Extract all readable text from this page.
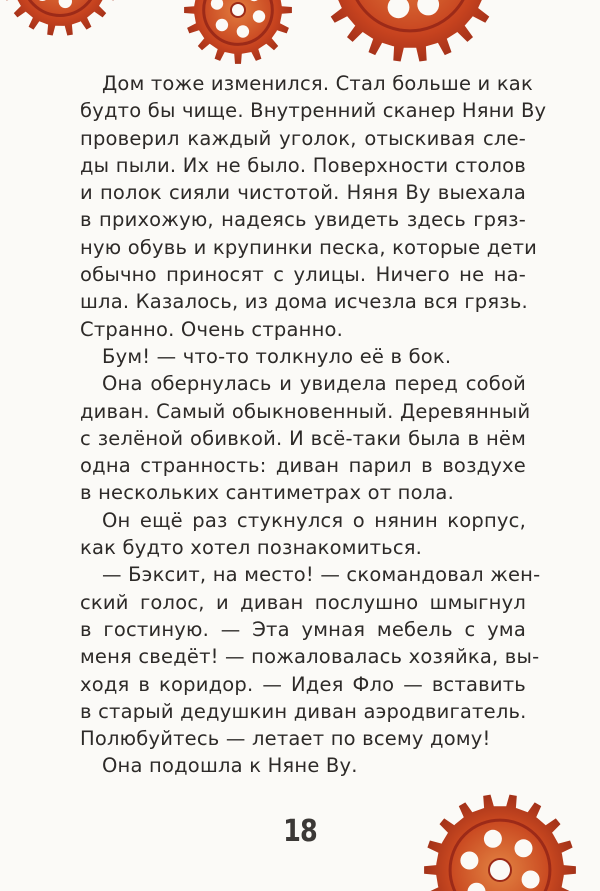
Дом тоже изменился. Стал больше и как
будто бы чище. Внутренний сканер Няни Ву
проверил каждый уголок, отыскивая сле-
ды пыли. Их не было. Поверхности столов
и полок сияли чистотой. Няня Ву выехала
в прихожую, надеясь увидеть здесь гряз-
ную обувь и крупинки песка, которые дети
обычно приносят с улицы. Ничего не на-
шла. Казалось, из дома исчезла вся грязь.
Странно. Очень странно.
Бум! — что-то толкнуло её в бок.
Она обернулась и увидела перед собой
диван. Самый обыкновенный. Деревянный
с зелёной обивкой. И всё-таки была в нём
одна странность: диван парил в воздухе
в нескольких сантиметрах от пола.
Он ещё раз стукнулся о нянин корпус,
как будто хотел познакомиться.
— Бэксит, на место! — скомандовал жен-
ский голос, и диван послушно шмыгнул
в гостиную. — Эта умная мебель с ума
меня сведёт! — пожаловалась хозяйка, вы-
ходя в коридор. — Идея Фло — вставить
в старый дедушкин диван аэродвигатель.
Полюбуйтесь — летает по всему дому!
Она подошла к Няне Ву.
18
